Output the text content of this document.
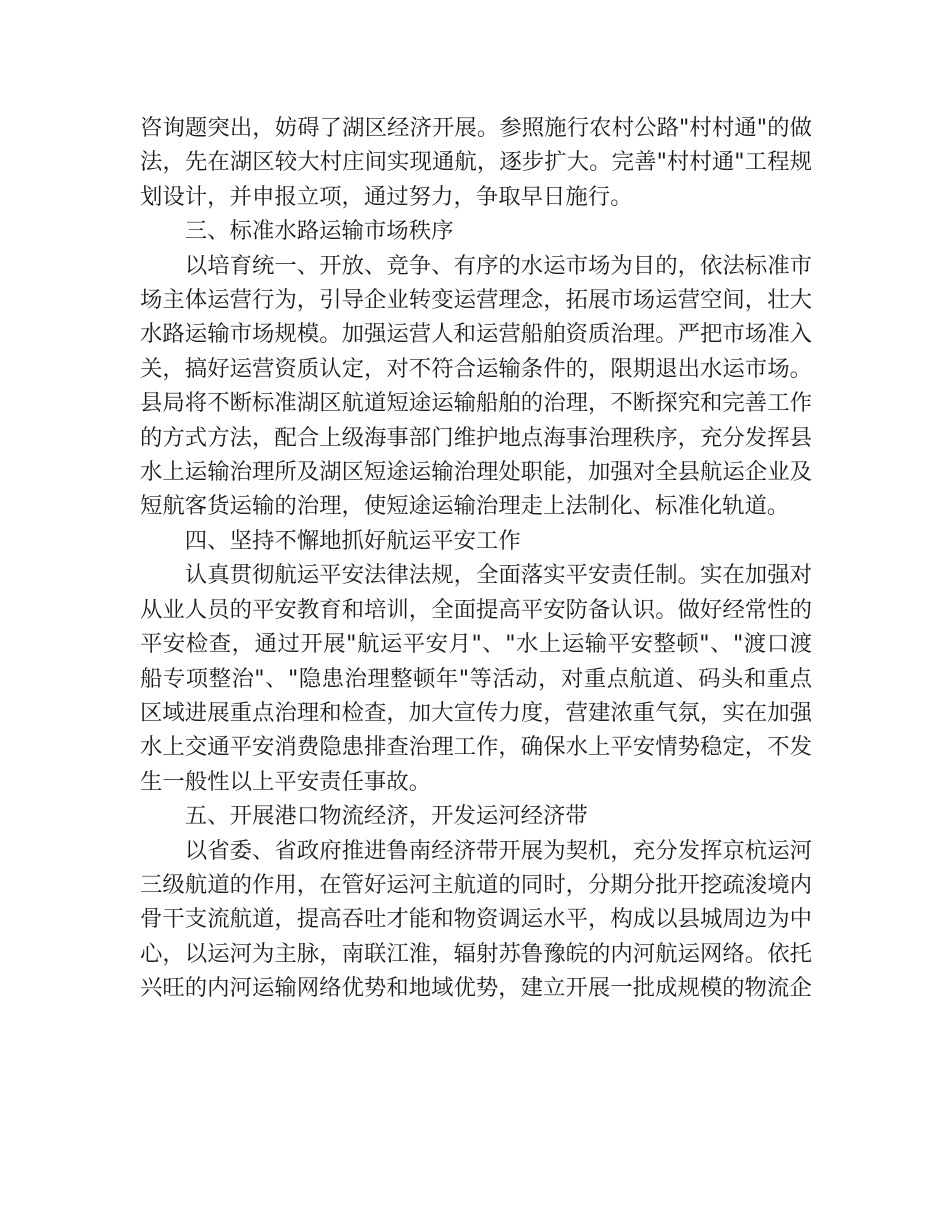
咨询题突出，妨碍了湖区经济开展。参照施行农村公路"村村通"的做法，先在湖区较大村庄间实现通航，逐步扩大。完善"村村通"工程规划设计，并申报立项，通过努力，争取早日施行。

三、标准水路运输市场秩序

以培育统一、开放、竞争、有序的水运市场为目的，依法标准市场主体运营行为，引导企业转变运营理念，拓展市场运营空间，壮大水路运输市场规模。加强运营人和运营船舶资质治理。严把市场准入关，搞好运营资质认定，对不符合运输条件的，限期退出水运市场。县局将不断标准湖区航道短途运输船舶的治理，不断探究和完善工作的方式方法，配合上级海事部门维护地点海事治理秩序，充分发挥县水上运输治理所及湖区短途运输治理处职能，加强对全县航运企业及短航客货运输的治理，使短途运输治理走上法制化、标准化轨道。

四、坚持不懈地抓好航运平安工作

认真贯彻航运平安法律法规，全面落实平安责任制。实在加强对从业人员的平安教育和培训，全面提高平安防备认识。做好经常性的平安检查，通过开展"航运平安月"、"水上运输平安整顿"、"渡口渡船专项整治"、"隐患治理整顿年"等活动，对重点航道、码头和重点区域进展重点治理和检查，加大宣传力度，营建浓重气氛，实在加强水上交通平安消费隐患排查治理工作，确保水上平安情势稳定，不发生一般性以上平安责任事故。

五、开展港口物流经济，开发运河经济带

以省委、省政府推进鲁南经济带开展为契机，充分发挥京杭运河三级航道的作用，在管好运河主航道的同时，分期分批开挖疏浚境内骨干支流航道，提高吞吐才能和物资调运水平，构成以县城周边为中心，以运河为主脉，南联江淮，辐射苏鲁豫皖的内河航运网络。依托兴旺的内河运输网络优势和地域优势，建立开展一批成规模的物流企
